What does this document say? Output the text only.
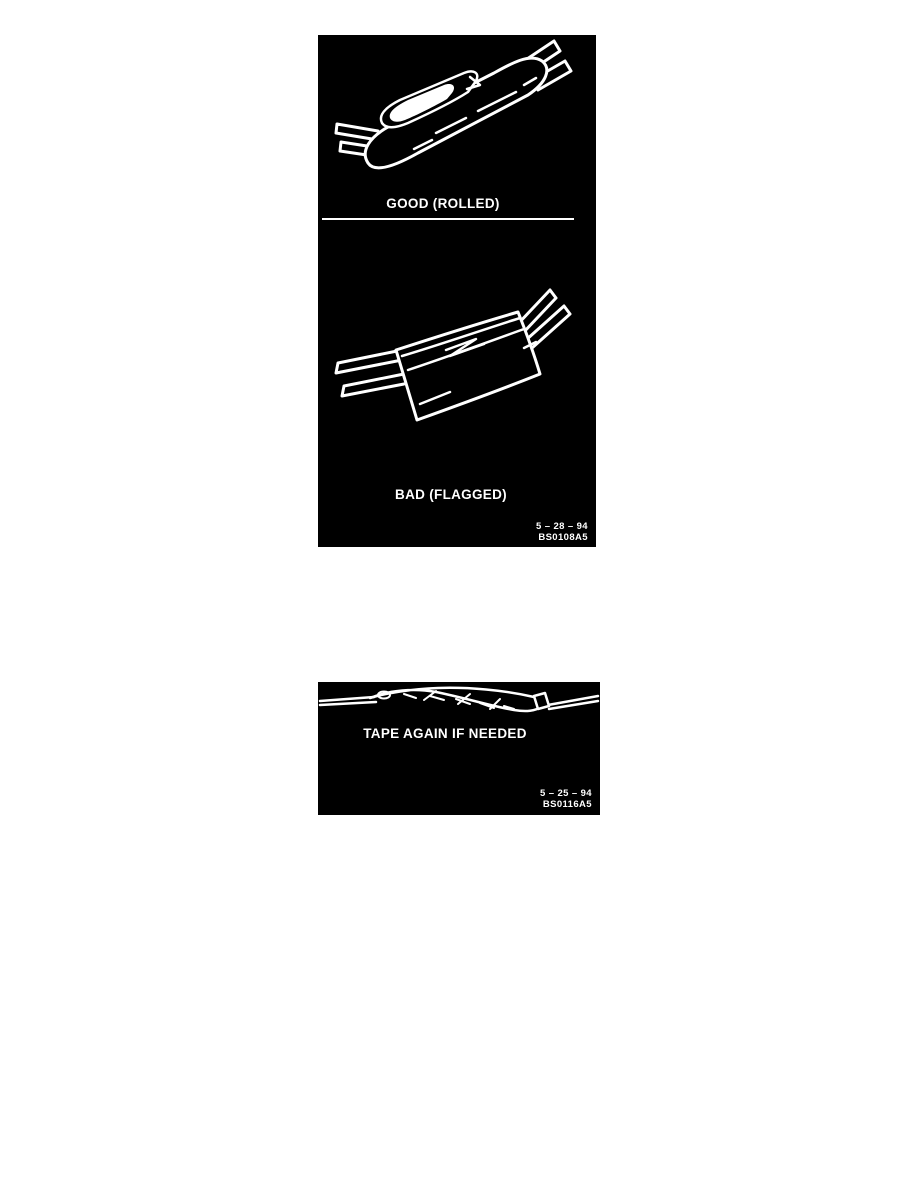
GOOD (ROLLED)
BAD (FLAGGED)
5 – 28 – 94
BS0108A5
TAPE AGAIN IF NEEDED
5 – 25 – 94
BS0116A5
